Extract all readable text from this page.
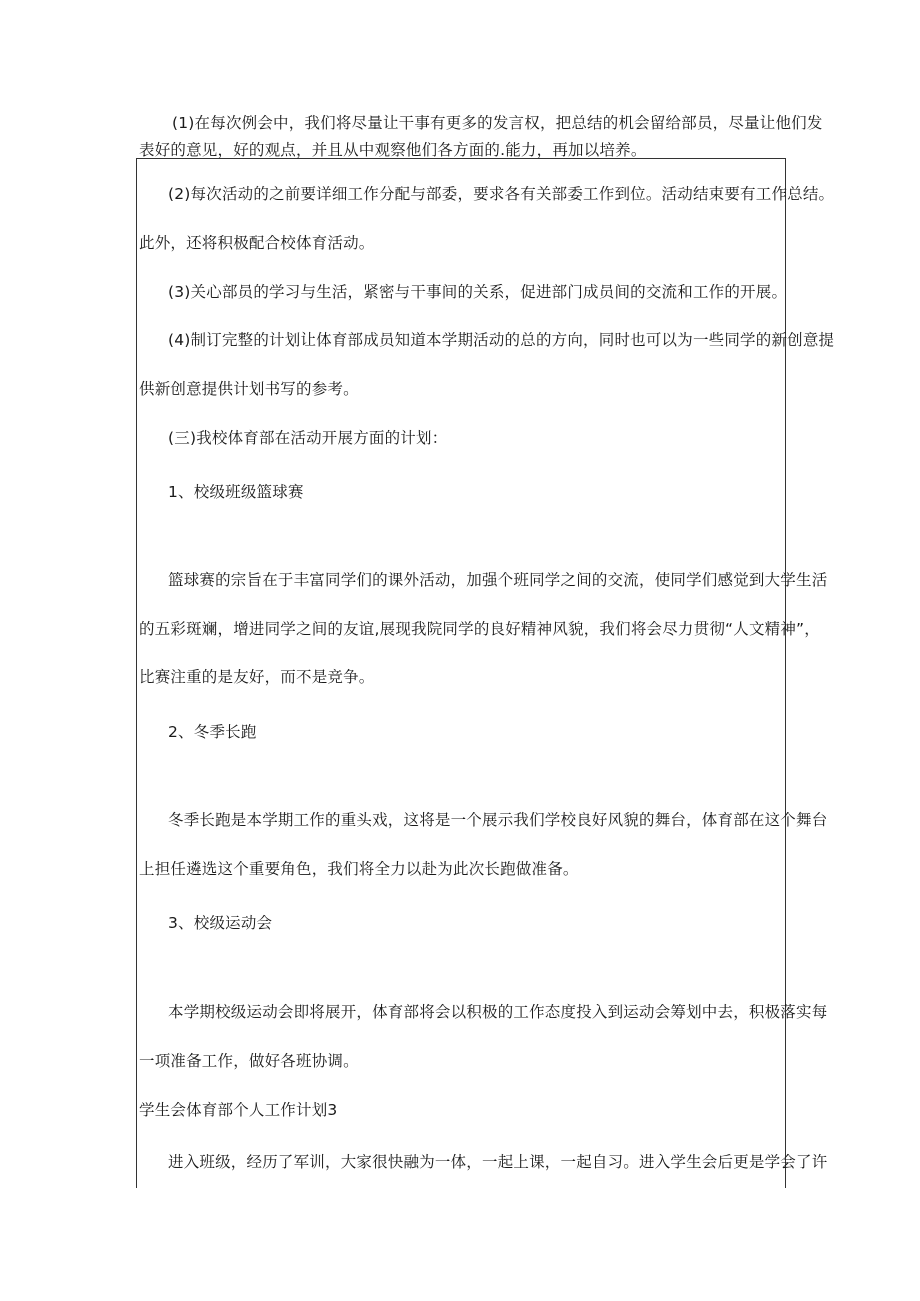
(1)在每次例会中，我们将尽量让干事有更多的发言权，把总结的机会留给部员，尽量让他们发
表好的意见，好的观点，并且从中观察他们各方面的.能力，再加以培养。
(2)每次活动的之前要详细工作分配与部委，要求各有关部委工作到位。活动结束要有工作总结。
此外，还将积极配合校体育活动。
(3)关心部员的学习与生活，紧密与干事间的关系，促进部门成员间的交流和工作的开展。
(4)制订完整的计划让体育部成员知道本学期活动的总的方向，同时也可以为一些同学的新创意提
供新创意提供计划书写的参考。
(三)我校体育部在活动开展方面的计划：
1、校级班级篮球赛
篮球赛的宗旨在于丰富同学们的课外活动，加强个班同学之间的交流，使同学们感觉到大学生活
的五彩斑斓，增进同学之间的友谊,展现我院同学的良好精神风貌，我们将会尽力贯彻“人文精神”，
比赛注重的是友好，而不是竞争。
2、冬季长跑
冬季长跑是本学期工作的重头戏，这将是一个展示我们学校良好风貌的舞台，体育部在这个舞台
上担任遴选这个重要角色，我们将全力以赴为此次长跑做准备。
3、校级运动会
本学期校级运动会即将展开，体育部将会以积极的工作态度投入到运动会筹划中去，积极落实每
一项准备工作，做好各班协调。
学生会体育部个人工作计划3
进入班级，经历了军训，大家很快融为一体，一起上课，一起自习。进入学生会后更是学会了许
